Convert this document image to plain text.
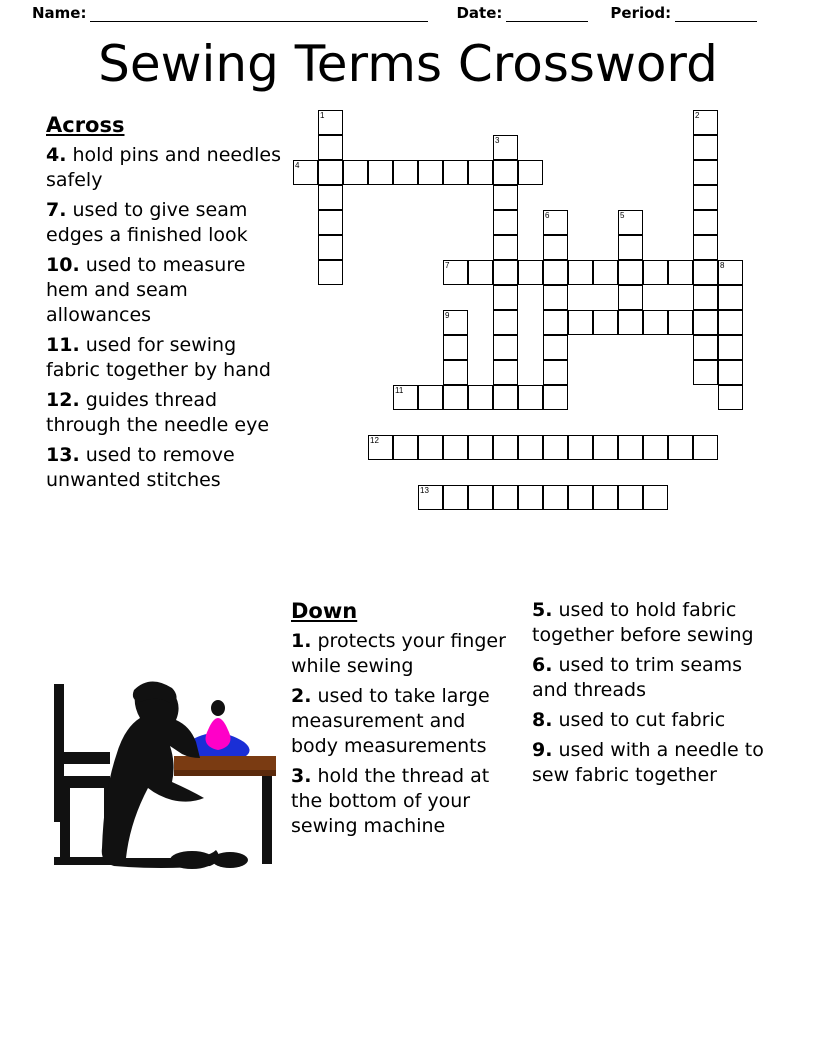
Name:	Date:	Period:
Sewing Terms Crossword
Across
4. hold pins and needles safely
7. used to give seam edges a finished look
10. used to measure hem and seam allowances
11. used for sewing fabric together by hand
12. guides thread through the needle eye
13. used to remove unwanted stitches
1
4
3
5
6
2
7	8
9
11
12
13
Down
1. protects your finger while sewing
2. used to take large measurement and body measurements
3. hold the thread at the bottom of your sewing machine
5. used to hold fabric together before sewing
6. used to trim seams and threads
8. used to cut fabric
9. used with a needle to sew fabric together
